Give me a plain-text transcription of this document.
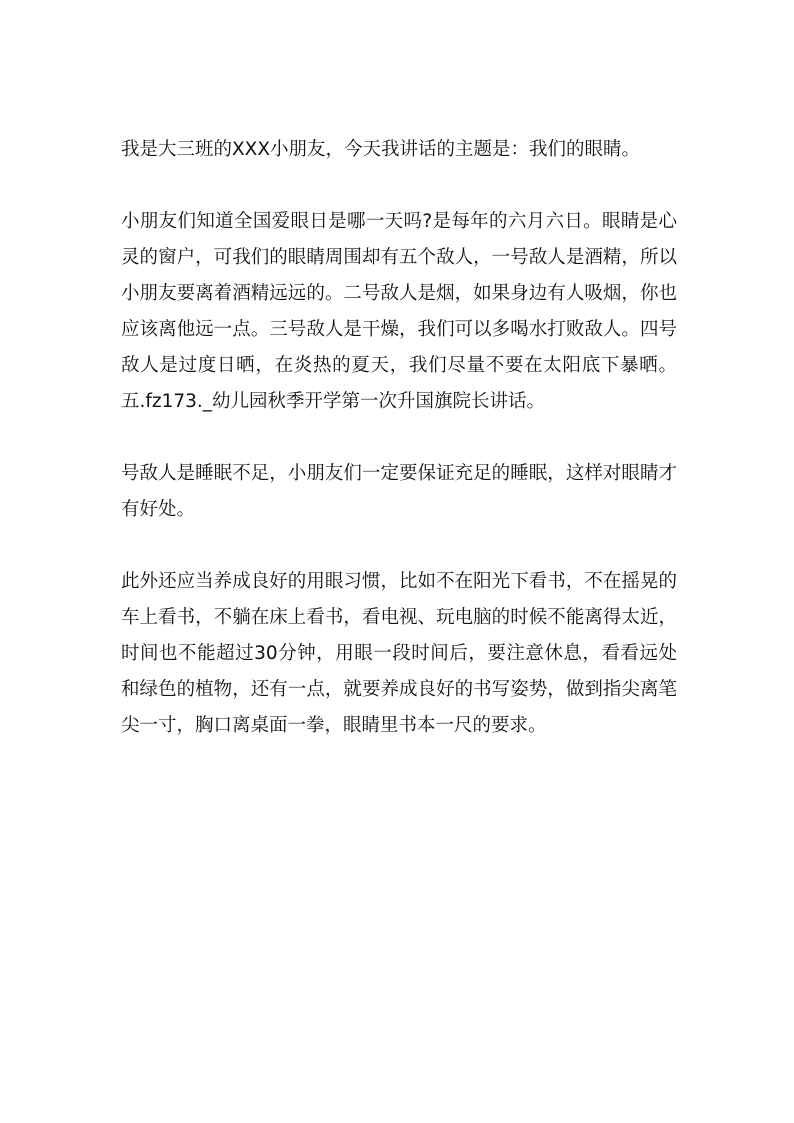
我是大三班的XXX小朋友，今天我讲话的主题是：我们的眼睛。

小朋友们知道全国爱眼日是哪一天吗?是每年的六月六日。眼睛是心灵的窗户，可我们的眼睛周围却有五个敌人，一号敌人是酒精，所以小朋友要离着酒精远远的。二号敌人是烟，如果身边有人吸烟，你也应该离他远一点。三号敌人是干燥，我们可以多喝水打败敌人。四号敌人是过度日晒，在炎热的夏天，我们尽量不要在太阳底下暴晒。五.fz173._幼儿园秋季开学第一次升国旗院长讲话。

号敌人是睡眠不足，小朋友们一定要保证充足的睡眠，这样对眼睛才有好处。

此外还应当养成良好的用眼习惯，比如不在阳光下看书，不在摇晃的车上看书，不躺在床上看书，看电视、玩电脑的时候不能离得太近，时间也不能超过30分钟，用眼一段时间后，要注意休息，看看远处和绿色的植物，还有一点，就要养成良好的书写姿势，做到指尖离笔尖一寸，胸口离桌面一拳，眼睛里书本一尺的要求。
